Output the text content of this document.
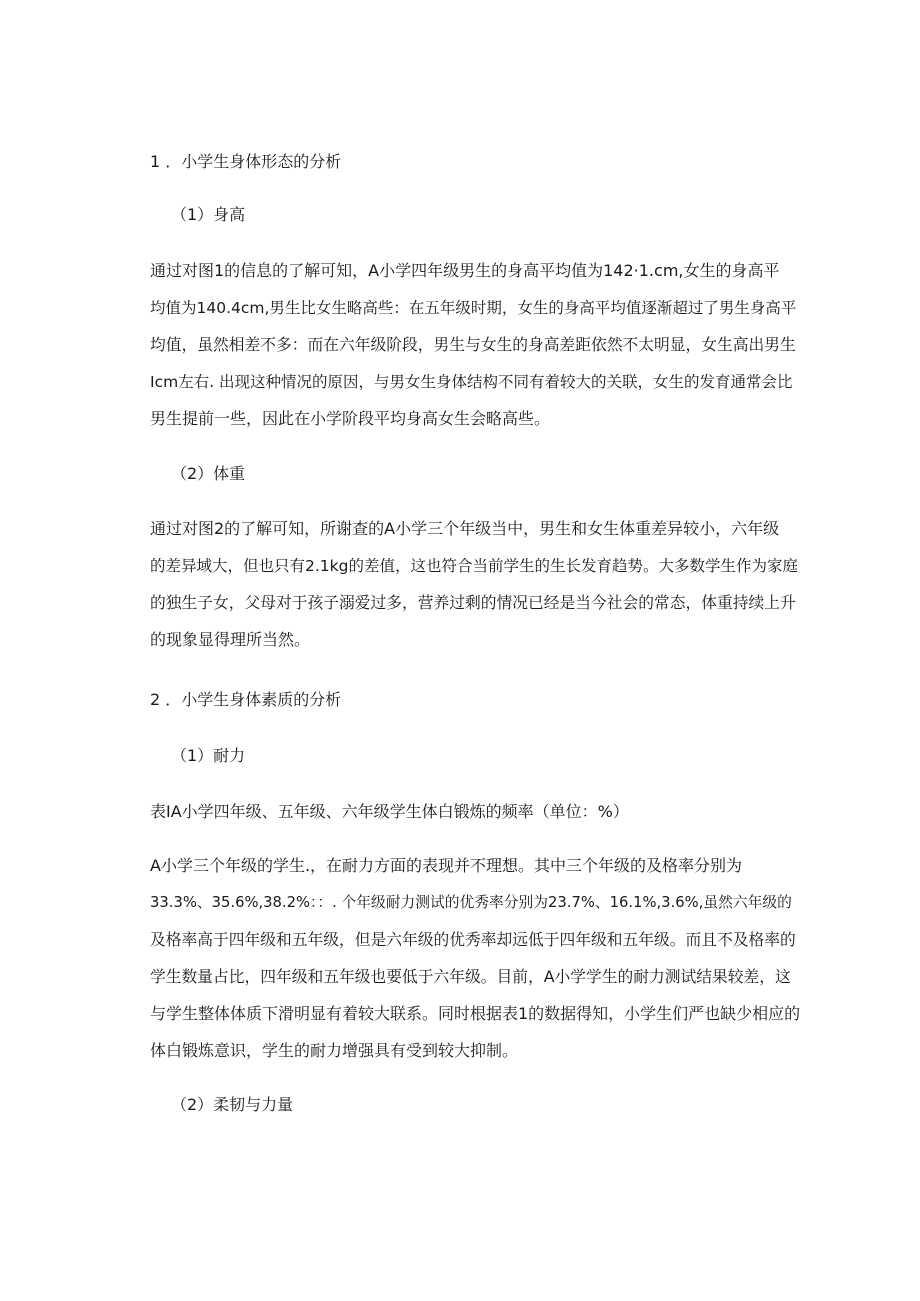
1 ．小学生身体形态的分析
（1）身高
通过对图1的信息的了解可知，A小学四年级男生的身高平均值为142·1.cm,女生的身高平
均值为140.4cm,男生比女生略高些：在五年级时期，女生的身高平均值逐渐超过了男生身高平
均值，虽然相差不多：而在六年级阶段，男生与女生的身高差距依然不太明显，女生高出男生
Icm左右. 出现这种情况的原因，与男女生身体结构不同有着较大的关联，女生的发育通常会比
男生提前一些，因此在小学阶段平均身高女生会略高些。
（2）体重
通过对图2的了解可知，所谢查的A小学三个年级当中，男生和女生体重差异较小，六年级
的差异域大，但也只有2.1kg的差值，这也符合当前学生的生长发育趋势。大多数学生作为家庭
的独生子女，父母对于孩子溺爱过多，营养过剩的情况已经是当今社会的常态，体重持续上升
的现象显得理所当然。
2 ．小学生身体素质的分析
（1）耐力
表IA小学四年级、五年级、六年级学生体白锻炼的频率（单位：%）
A小学三个年级的学生.，在耐力方面的表现并不理想。其中三个年级的及格率分别为
33.3%、35.6%,38.2%：：. 个年级耐力测试的优秀率分别为23.7%、16.1%,3.6%,虽然六年级的
及格率高于四年级和五年级，但是六年级的优秀率却远低于四年级和五年级。而且不及格率的
学生数量占比，四年级和五年级也要低于六年级。目前，A小学学生的耐力测试结果较差，这
与学生整体体质下滑明显有着较大联系。同时根据表1的数据得知，小学生们严也缺少相应的
体白锻炼意识，学生的耐力增强具有受到较大抑制。
（2）柔韧与力量
